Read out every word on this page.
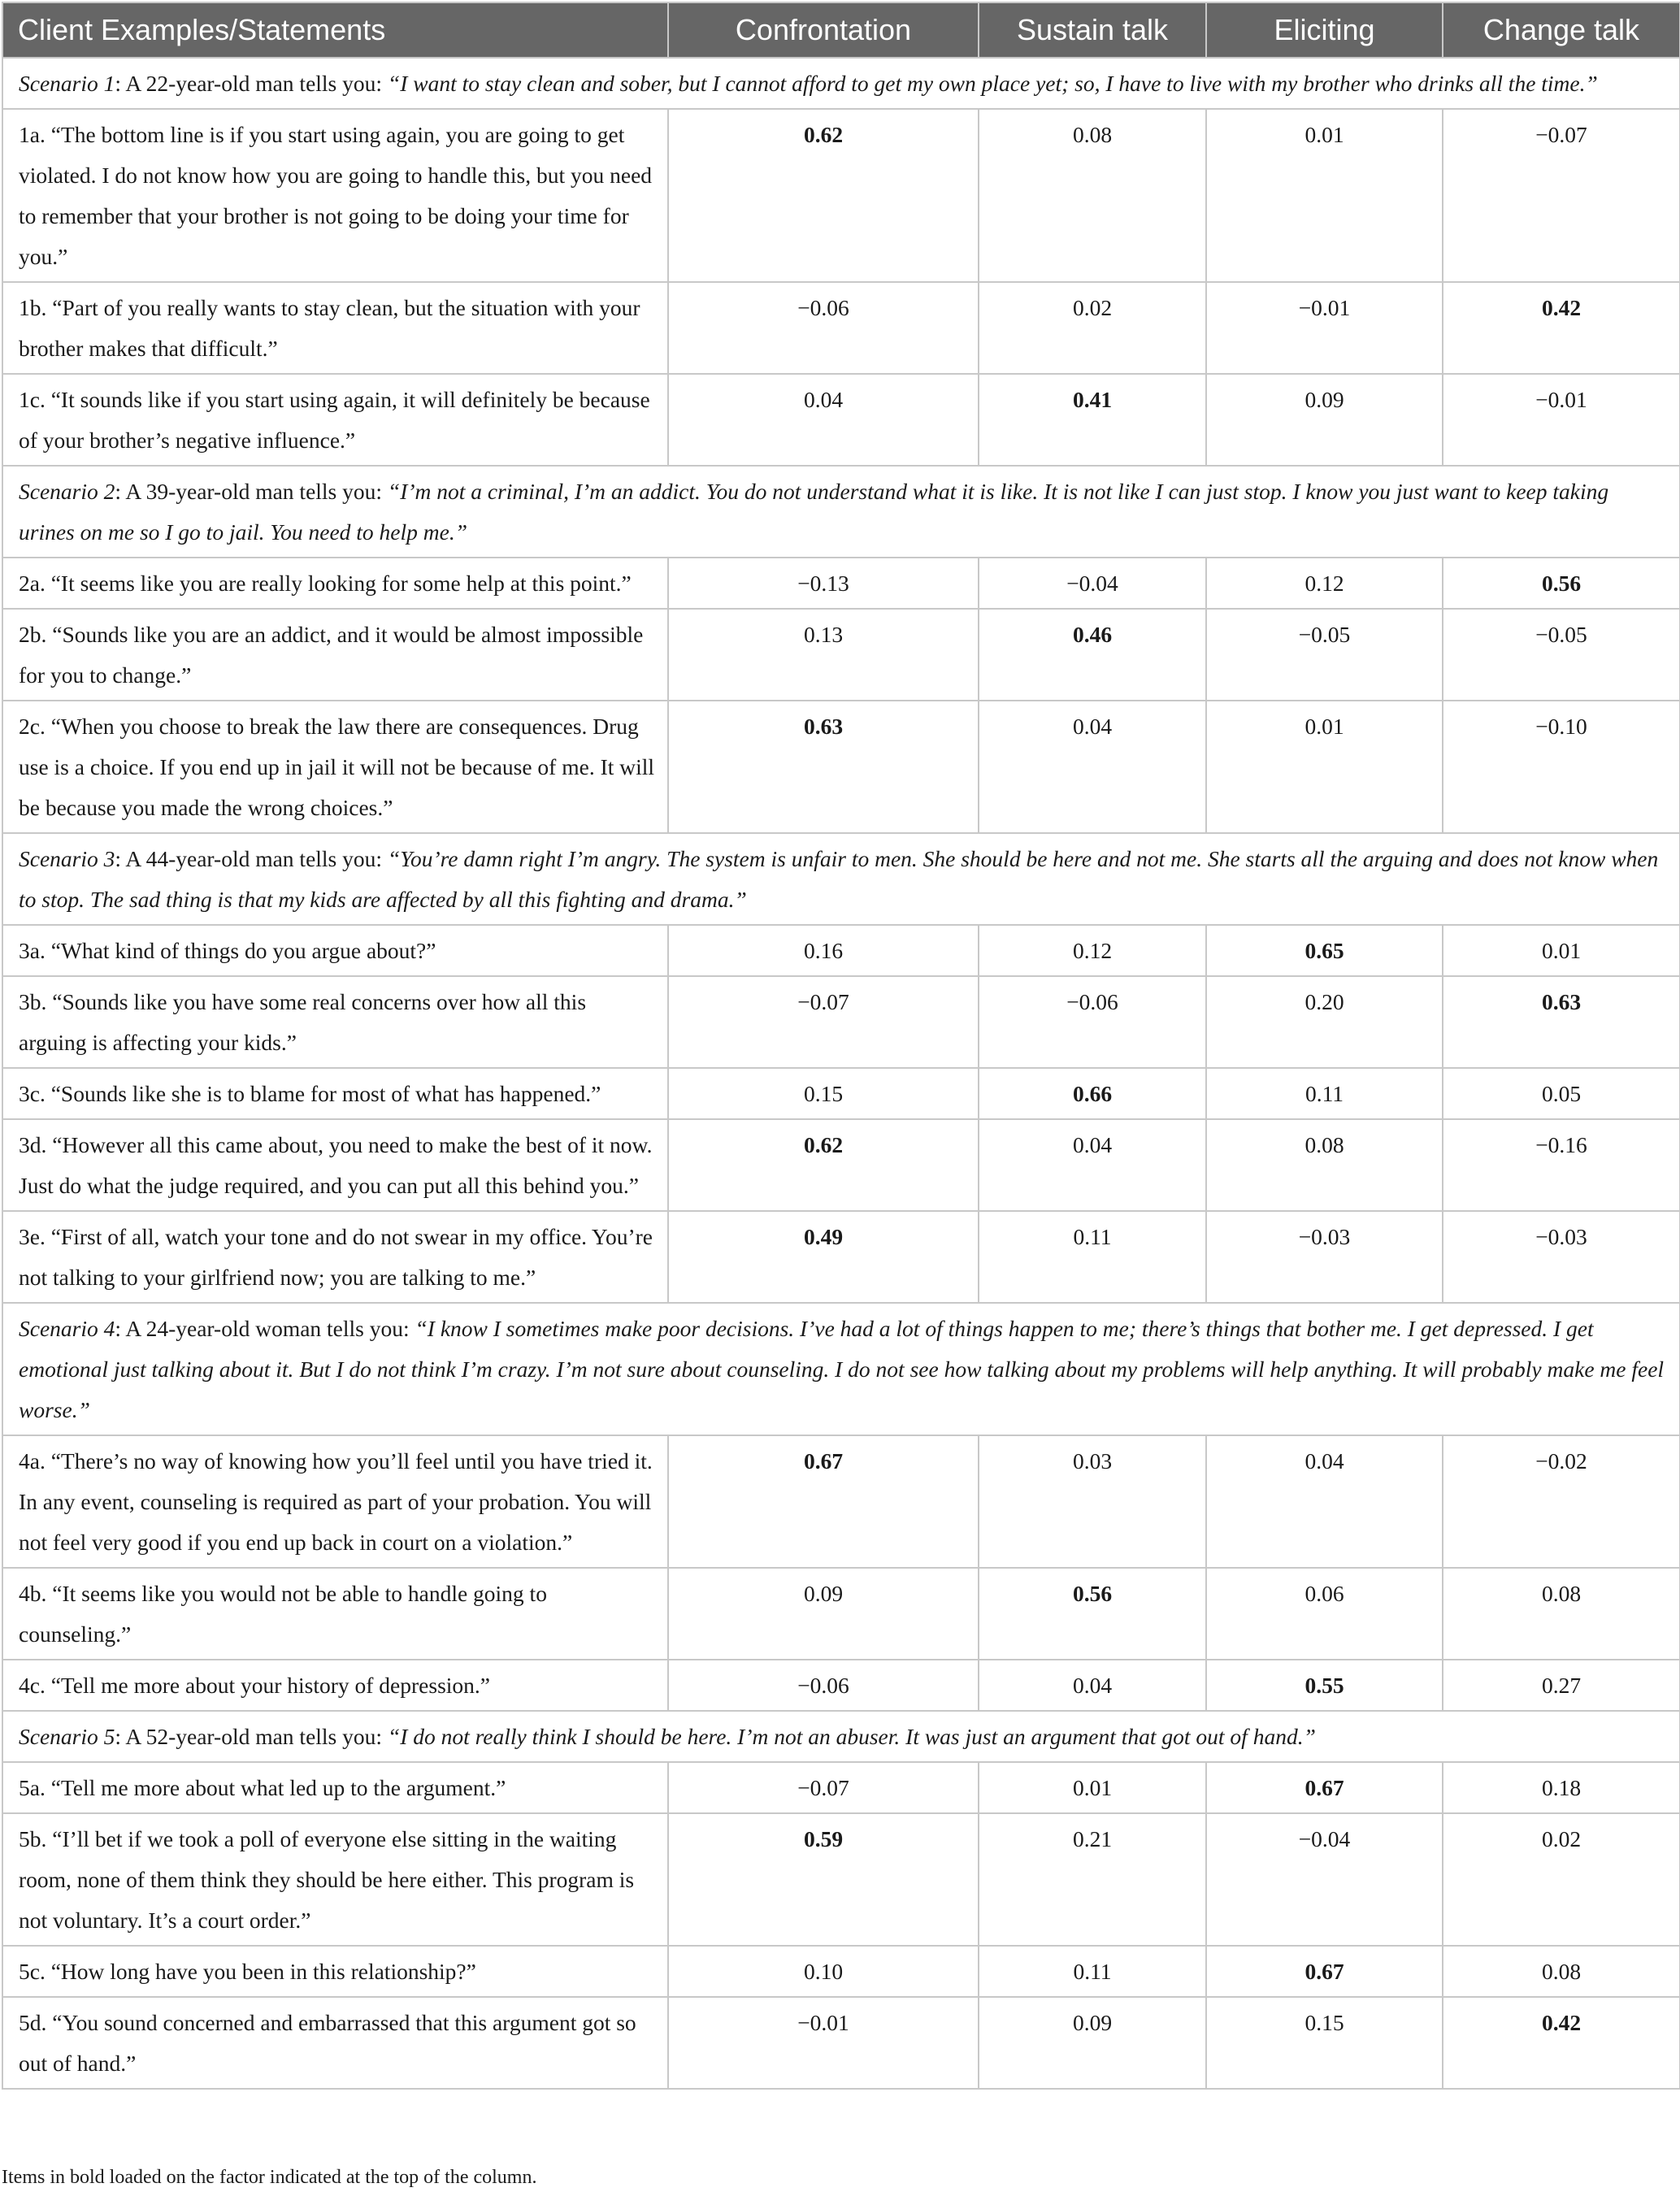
Client Examples/Statements	Confrontation	Sustain talk	Eliciting	Change talk
Scenario 1: A 22-year-old man tells you: “I want to stay clean and sober, but I cannot afford to get my own place yet; so, I have to live with my brother who drinks all the time.”				
1a. “The bottom line is if you start using again, you are going to get violated. I do not know how you are going to handle this, but you need to remember that your brother is not going to be doing your time for you.”	0.62	0.08	0.01	−0.07
1b. “Part of you really wants to stay clean, but the situation with your brother makes that difficult.”	−0.06	0.02	−0.01	0.42
1c. “It sounds like if you start using again, it will definitely be because of your brother’s negative influence.”	0.04	0.41	0.09	−0.01
Scenario 2: A 39-year-old man tells you: “I’m not a criminal, I’m an addict. You do not understand what it is like. It is not like I can just stop. I know you just want to keep taking urines on me so I go to jail. You need to help me.”				
2a. “It seems like you are really looking for some help at this point.”	−0.13	−0.04	0.12	0.56
2b. “Sounds like you are an addict, and it would be almost impossible for you to change.”	0.13	0.46	−0.05	−0.05
2c. “When you choose to break the law there are consequences. Drug use is a choice. If you end up in jail it will not be because of me. It will be because you made the wrong choices.”	0.63	0.04	0.01	−0.10
Scenario 3: A 44-year-old man tells you: “You’re damn right I’m angry. The system is unfair to men. She should be here and not me. She starts all the arguing and does not know when to stop. The sad thing is that my kids are affected by all this fighting and drama.”				
3a. “What kind of things do you argue about?”	0.16	0.12	0.65	0.01
3b. “Sounds like you have some real concerns over how all this arguing is affecting your kids.”	−0.07	−0.06	0.20	0.63
3c. “Sounds like she is to blame for most of what has happened.”	0.15	0.66	0.11	0.05
3d. “However all this came about, you need to make the best of it now. Just do what the judge required, and you can put all this behind you.”	0.62	0.04	0.08	−0.16
3e. “First of all, watch your tone and do not swear in my office. You’re not talking to your girlfriend now; you are talking to me.”	0.49	0.11	−0.03	−0.03
Scenario 4: A 24-year-old woman tells you: “I know I sometimes make poor decisions. I’ve had a lot of things happen to me; there’s things that bother me. I get depressed. I get emotional just talking about it. But I do not think I’m crazy. I’m not sure about counseling. I do not see how talking about my problems will help anything. It will probably make me feel worse.”				
4a. “There’s no way of knowing how you’ll feel until you have tried it. In any event, counseling is required as part of your probation. You will not feel very good if you end up back in court on a violation.”	0.67	0.03	0.04	−0.02
4b. “It seems like you would not be able to handle going to counseling.”	0.09	0.56	0.06	0.08
4c. “Tell me more about your history of depression.”	−0.06	0.04	0.55	0.27
Scenario 5: A 52-year-old man tells you: “I do not really think I should be here. I’m not an abuser. It was just an argument that got out of hand.”				
5a. “Tell me more about what led up to the argument.”	−0.07	0.01	0.67	0.18
5b. “I’ll bet if we took a poll of everyone else sitting in the waiting room, none of them think they should be here either. This program is not voluntary. It’s a court order.”	0.59	0.21	−0.04	0.02
5c. “How long have you been in this relationship?”	0.10	0.11	0.67	0.08
5d. “You sound concerned and embarrassed that this argument got so out of hand.”	−0.01	0.09	0.15	0.42
Items in bold loaded on the factor indicated at the top of the column.
